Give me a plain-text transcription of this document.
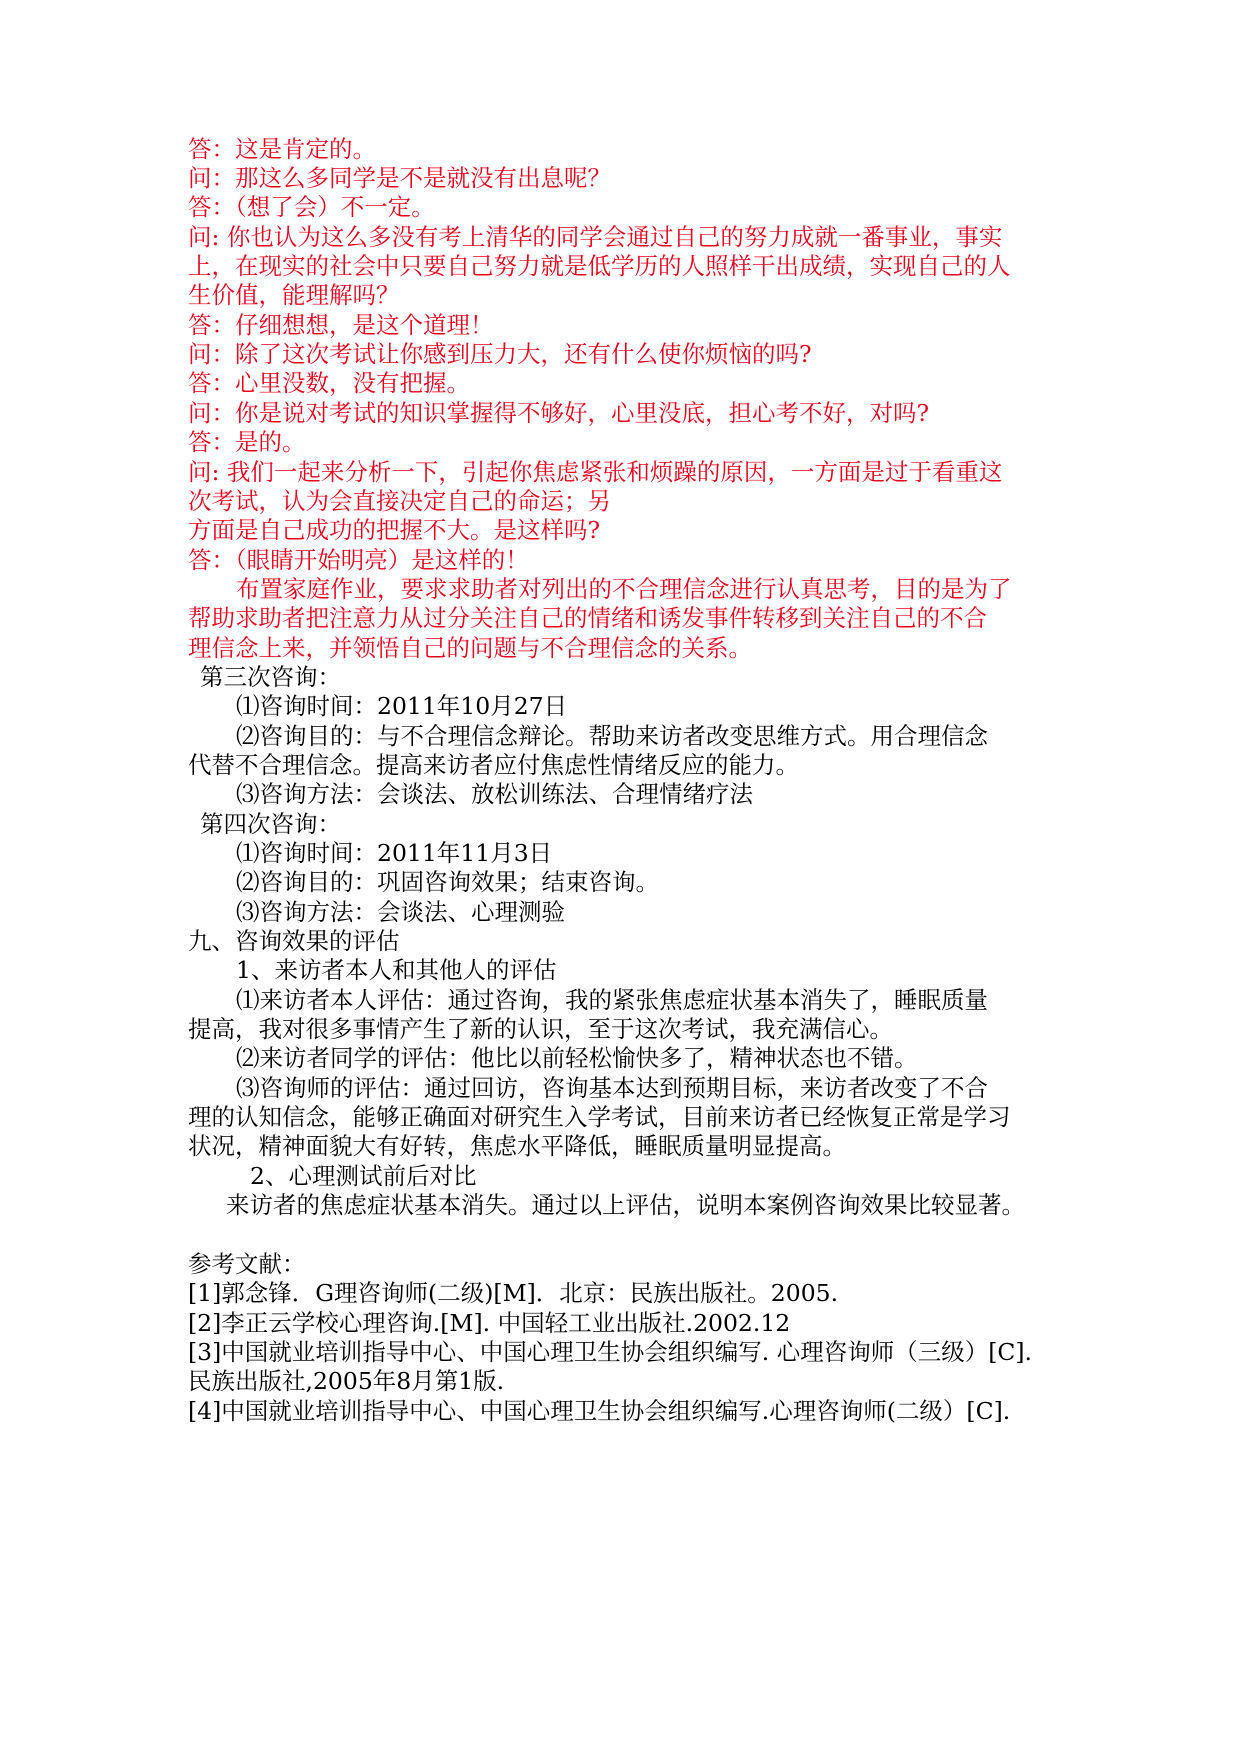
答：这是肯定的。
问：那这么多同学是不是就没有出息呢？
答：（想了会）不一定。
问: 你也认为这么多没有考上清华的同学会通过自己的努力成就一番事业，事实
上，在现实的社会中只要自己努力就是低学历的人照样干出成绩，实现自己的人
生价值，能理解吗？
答：仔细想想，是这个道理！
问：除了这次考试让你感到压力大，还有什么使你烦恼的吗?
答：心里没数，没有把握。
问：你是说对考试的知识掌握得不够好，心里没底，担心考不好，对吗?
答：是的。
问: 我们一起来分析一下，引起你焦虑紧张和烦躁的原因，一方面是过于看重这
次考试，认为会直接决定自己的命运；另
方面是自己成功的把握不大。是这样吗?
答：（眼睛开始明亮）是这样的！
布置家庭作业，要求求助者对列出的不合理信念进行认真思考，目的是为了
帮助求助者把注意力从过分关注自己的情绪和诱发事件转移到关注自己的不合
理信念上来，并领悟自己的问题与不合理信念的关系。
第三次咨询：
⑴咨询时间：2011年10月27日
⑵咨询目的：与不合理信念辩论。帮助来访者改变思维方式。用合理信念
代替不合理信念。提高来访者应付焦虑性情绪反应的能力。
⑶咨询方法：会谈法、放松训练法、合理情绪疗法
第四次咨询：
⑴咨询时间：2011年11月3日
⑵咨询目的：巩固咨询效果；结束咨询。
⑶咨询方法：会谈法、心理测验
九、咨询效果的评估
1、来访者本人和其他人的评估
⑴来访者本人评估：通过咨询，我的紧张焦虑症状基本消失了，睡眠质量
提高，我对很多事情产生了新的认识，至于这次考试，我充满信心。
⑵来访者同学的评估：他比以前轻松愉快多了，精神状态也不错。
⑶咨询师的评估：通过回访，咨询基本达到预期目标，来访者改变了不合
理的认知信念，能够正确面对研究生入学考试，目前来访者已经恢复正常是学习
状况，精神面貌大有好转，焦虑水平降低，睡眠质量明显提高。
2、心理测试前后对比
来访者的焦虑症状基本消失。通过以上评估，说明本案例咨询效果比较显著。
参考文献：
[1]郭念锋．G理咨询师(二级)[M]．北京：民族出版社。2005.
[2]李正云学校心理咨询.[M]. 中国轻工业出版社.2002.12
[3]中国就业培训指导中心、中国心理卫生协会组织编写. 心理咨询师（三级）[C].
民族出版社,2005年8月第1版.
[4]中国就业培训指导中心、中国心理卫生协会组织编写.心理咨询师(二级）[C].
